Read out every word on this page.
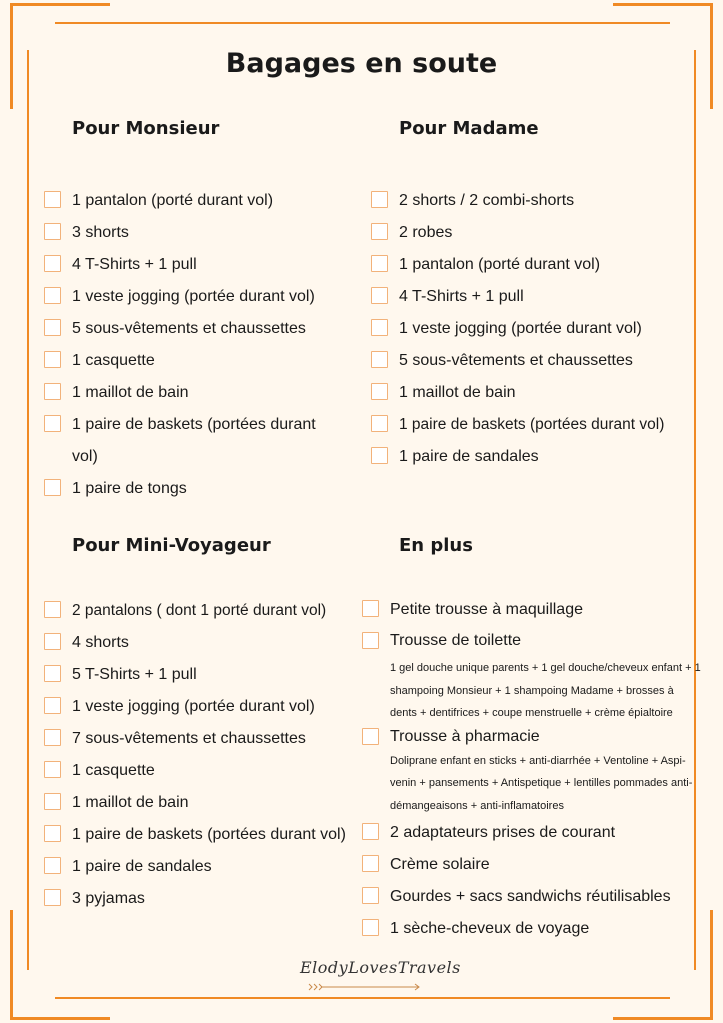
Bagages en soute
Pour Monsieur
1 pantalon (porté durant vol)
3 shorts
4 T-Shirts + 1 pull
1 veste jogging (portée durant vol)
5 sous-vêtements et chaussettes
1 casquette
1 maillot de bain
1 paire de baskets (portées durant vol)
1 paire de tongs
Pour Madame
2 shorts / 2 combi-shorts
2 robes
1 pantalon (porté durant vol)
4 T-Shirts + 1 pull
1 veste jogging (portée durant vol)
5 sous-vêtements et chaussettes
1 maillot de bain
1 paire de baskets (portées durant vol)
1 paire de sandales
Pour Mini-Voyageur
2 pantalons ( dont 1 porté durant vol)
4 shorts
5 T-Shirts + 1 pull
1 veste jogging (portée durant vol)
7 sous-vêtements et chaussettes
1 casquette
1 maillot de bain
1 paire de baskets (portées durant vol)
1 paire de sandales
3 pyjamas
En plus
Petite trousse à maquillage
Trousse de toilette
1 gel douche unique parents + 1 gel douche/cheveux enfant + 1 shampoing Monsieur + 1 shampoing Madame + brosses à dents + dentifrices + coupe menstruelle + crème épialtoire
Trousse à pharmacie
Doliprane enfant en sticks + anti-diarrhée + Ventoline + Aspi-venin + pansements + Antispetique + lentilles pommades anti-démangeaisons + anti-inflamatoires
2 adaptateurs prises de courant
Crème solaire
Gourdes + sacs sandwichs réutilisables
1 sèche-cheveux de voyage
ElodyLovesTravels
